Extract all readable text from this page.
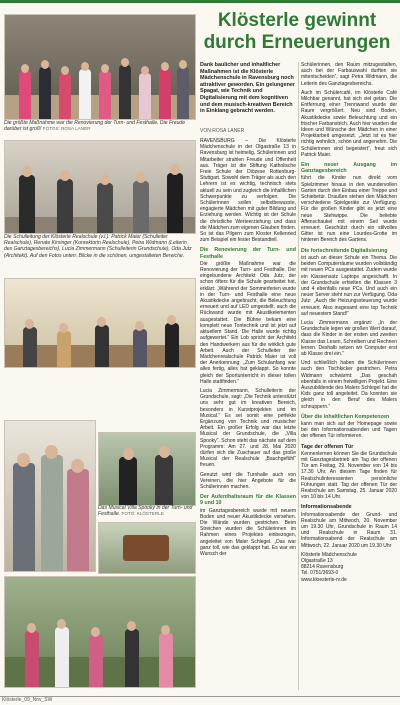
Die größte Maßnahme war die Renovierung der Turn- und Festhalle. Die Freude darüber ist groß! FOTOS: ROSA LANER
Die Schulleitung der Klösterle Realschule (v.l.): Patrick Maier (Schulleiter Realschule), Renate Kirsinger (Konrektorin Realschule), Petra Widmann (Leiterin des Ganztagesbereichs), Lucia Zimmermann (Schulleiterin Grundschule), Oda Jutz (Architekt). Auf den Fotos unten: Blicke in die schönen, umgestalteten Bereiche.
Das Musical Villa Spooky in der Turn- und Festhalle. FOTO: KLÖSTERLE
Klösterle gewinnt
durch Erneuerungen
Dank baulicher und inhaltlicher Maßnahmen ist die Klösterle Mädchenschule in Ravensburg noch attraktiver geworden. Ein gelungener Spagat, wie Technik und Digitalisierung mit dem kognitiven und dem musisch-kreativen Bereich in Einklang gebracht werden.
VON ROSA LANER

RAVENSBURG – Die Klösterle Mädchenschule in der Olgastraße 13 in Ravensburg ist heimelig, Schülerinnen und Mitarbeiter strahlen Freude und Offenheit aus. Träger ist die Stiftung Katholische Freie Schule der Diözese Rottenburg-Stuttgart. Sowohl dem Träger als auch den Lehrern ist es wichtig, technisch stets aktuell zu sein und zugleich die inhaltlichen Schwerpunkte zu verfolgen. Die Schülerinnen sollen selbstbewusste, engagierte Mädchen mit guter Bildung und Erziehung werden. Wichtig ist der Schule die christliche Werteerziehung und dass die Mädchen zum eigenen Glauben finden. So ist das Pilgern zum Kloster Kellenried zum Beispiel ein fester Bestandteil.

Die Renovierung der Turn- und Festhalle

Die größte Maßnahme war die Renovierung der Turn- und Festhalle. Der eingebundene Architekt Oda Jutz, der schon öfters für die Schule gearbeitet hat, erklärt: „Während der Sommerferien wurde in der Turn- und Festhalle eine neue Akustikdecke angebracht, die Beleuchtung erneuert und auf LED umgestellt, auch die Rückwand wurde mit Akustikelementen ausgestattet. Die Bühne bekam eine komplett neue Tontechnik und ist jetzt auf aktuellem Stand. Die Halle wurde richtig aufgewertet.“ Ein Lob spricht der Architekt den Handwerkern aus für die wirklich gute Arbeit. Auch der Schulleiter der Mädchenrealschule Patrick Maier ist voll der Anerkennung: „Zum Schulanfang war alles fertig, alles hat geklappt. So konnte gleich der Sportunterricht in dieser tollen Halle stattfinden.“

Lucia Zimmermann, Schulleiterin der Grundschule, sagt: „Die Technik unterstützt uns sehr gut im kreativen Bereich, besonders in Kunstprojekten und im Musical.“ Es sei somit eine perfekte Ergänzung von Technik und musischer Arbeit. Ein großer Erfolg war das letzte Musical der Grundschule, die „Villa Spooky“. Schon steht das nächste auf dem Programm: Am 27. und 28. Mai 2020 dürfen sich die Zuschauer auf das große Musical der Realschule „Bauchgefühl“ freuen.

Genutzt wird die Turnhalle auch von Vereinen, die hier Angebote für die Schülerinnen machen.

Der Aufenthaltsraum für die Klassen 9 und 10

im Ganztagesbereich wurde mit neuem Boden und neuer Akustikdecke versehen. Die Wände wurden gestrichen. Beim Streichen wurden die Schülerinnen im Rahmen eines Projektes einbezogen, angeleitet von Maler Schlegel. „Das war ganz toll, wie das geklappt hat. Es war ein Wunsch der

Schülerinnen, den Raum mitzugestalten, auch bei der Farbauswahl durften sie mitentscheiden“, sagt Petra Widmann, die Leiterin des Ganztagesbereichs.

Auch im Schülercafé, im Klösterle Café Milchbar genannt, hat sich viel getan. Die Entfernung einer Trennwand wurde der Raum vergrößert. Neu sind Boden, Akustikdecke sowie Beleuchtung und ein frischer Farbanstrich. Auch hier wurden die Ideen und Wünsche der Mädchen in einer Projektarbeit umgesetzt. „Jetzt ist es hier richtig wohnlich, schön und angenehm. Die Schülerinnen sind begeistert“, freut sich Patrick Maier.

Ein neuer Ausgang im Ganztagesbereich

führt die Kinder nun direkt vom Spielzimmer hinaus in den wundervollen Garten durch den Einbau einer Treppe und Schiebetür. Draußen stehen den Mädchen verschiedene Spielgeräte zur Verfügung. Für die großen Kinder gibt es jetzt eine neue Stehwippe. Die beliebte Affenschaukel mit einem Seil wurde erneuert. Geschützt durch ein stilvolles Gitter ist nun eine Lourdes-Grotte im hinteren Bereich des Gartens.

Die fortschreitende Digitalisierung

ist auch an dieser Schule ein Thema. Die beiden Computerräume wurden vollständig mit neuen PCs ausgestattet. Zudem wurde ein Klassensatz Laptops angeschafft. In der Grundschule erhielten die Klassen 3 und 4 ebenfalls neue PCs. Und auch ein neuer Server steht nun zur Verfügung. Oda Jutz: „Auch die Heizungssteuerung wurde erneuert. Also insgesamt eine top Technik auf neuestem Stand!“

Lucia Zimmermann ergänzt: „In der Grundschule legen wir großen Wert darauf, dass die Kinder in der ersten und zweiten Klasse das Lesen, Schreiben und Rechnen lernen. Deshalb setzen wir Computer erst ab Klasse drei ein.“

Und schließlich haben die Schülerinnen auch den Tischkicker gestrichen. Petra Widmann schwärmt: „Das geschah ebenfalls in einem freiwilligen Projekt. Eine Auszubildende des Malers Schlegel hat die Kids ganz toll angeleitet. Da konnten sie gleich in den Beruf des Malers schnuppern.“

Über die inhaltlichen Kompetenzen

kann man sich auf der Homepage sowie bei den Informationsabenden und Tagen der offenen Tür informieren.

Tage der offenen Tür

Kennenlernen können Sie die Grundschule mit Ganztagesbetrieb am Tag der offenen Tür am Freitag, 29. November von 14 bis 17.30 Uhr. An diesem Tage finden für Realschulinteressenten persönliche Führungen statt. Tag der offenen Tür der Realschule am Samstag, 25. Januar 2020 von 10 bis 14 Uhr.

Informationsabende

Informationsabende der Grund- und Realschule am Mittwoch, 20. November um 19.30 Uhr, Grundschule in Raum 14 und Realschule in Raum 31. Informationsabend der Realschule am Mittwoch, 22. Januar 2020 um 19.30 Uhr

Klösterle Mädchenschule
Olgastraße 13
88214 Ravensburg
Tel. 0751/3693-0
www.kloesterle-rv.de
Klösterle_09_Nov_SW
